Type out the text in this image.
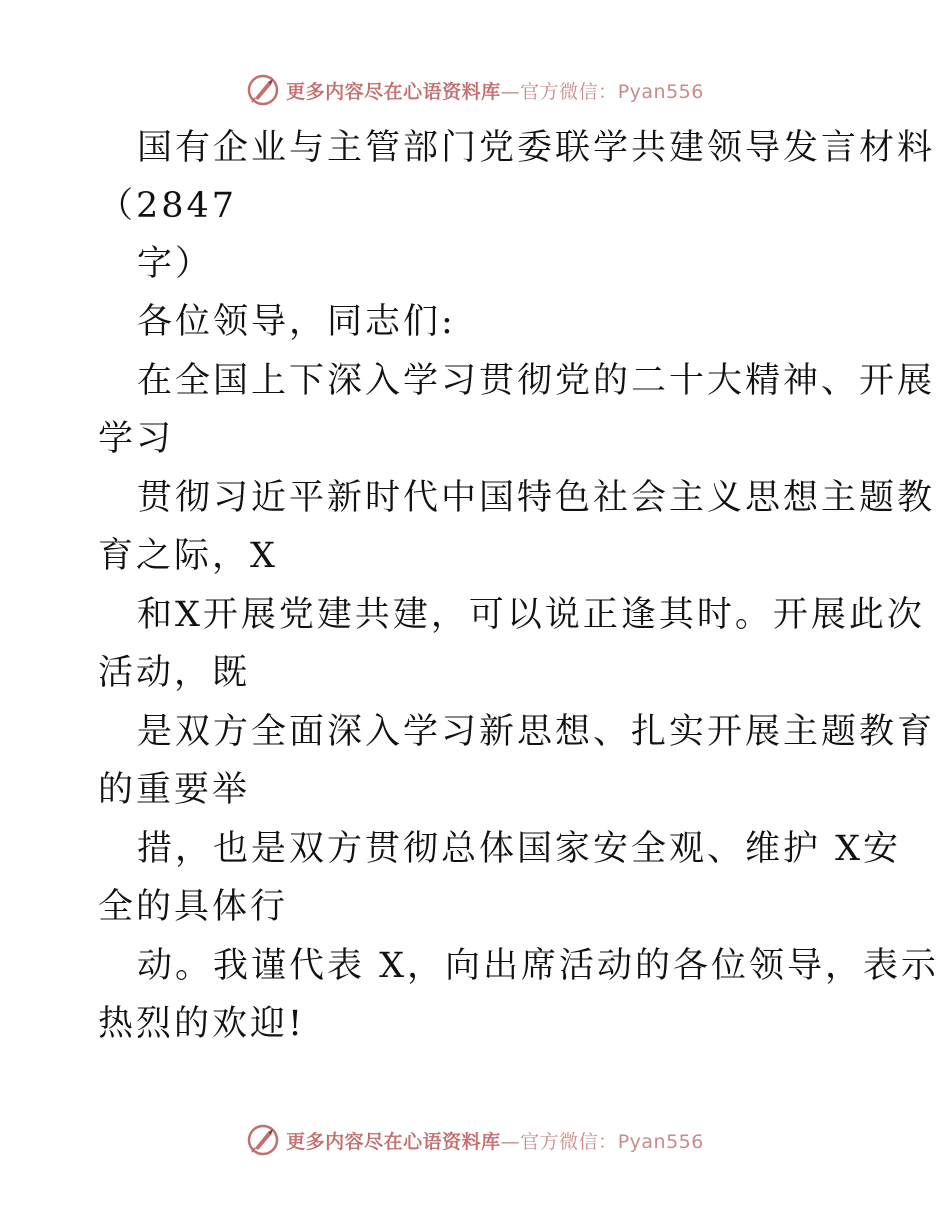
更多内容尽在心语资料库—官方微信：Pyan556
国有企业与主管部门党委联学共建领导发言材料
（2847
字）
各位领导，同志们:
在全国上下深入学习贯彻党的二十大精神、开展
学习
贯彻习近平新时代中国特色社会主义思想主题教
育之际，X
和X开展党建共建，可以说正逢其时。开展此次
活动，既
是双方全面深入学习新思想、扎实开展主题教育
的重要举
措，也是双方贯彻总体国家安全观、维护 X安
全的具体行
动。我谨代表 X，向出席活动的各位领导，表示
热烈的欢迎!
更多内容尽在心语资料库—官方微信：Pyan556
